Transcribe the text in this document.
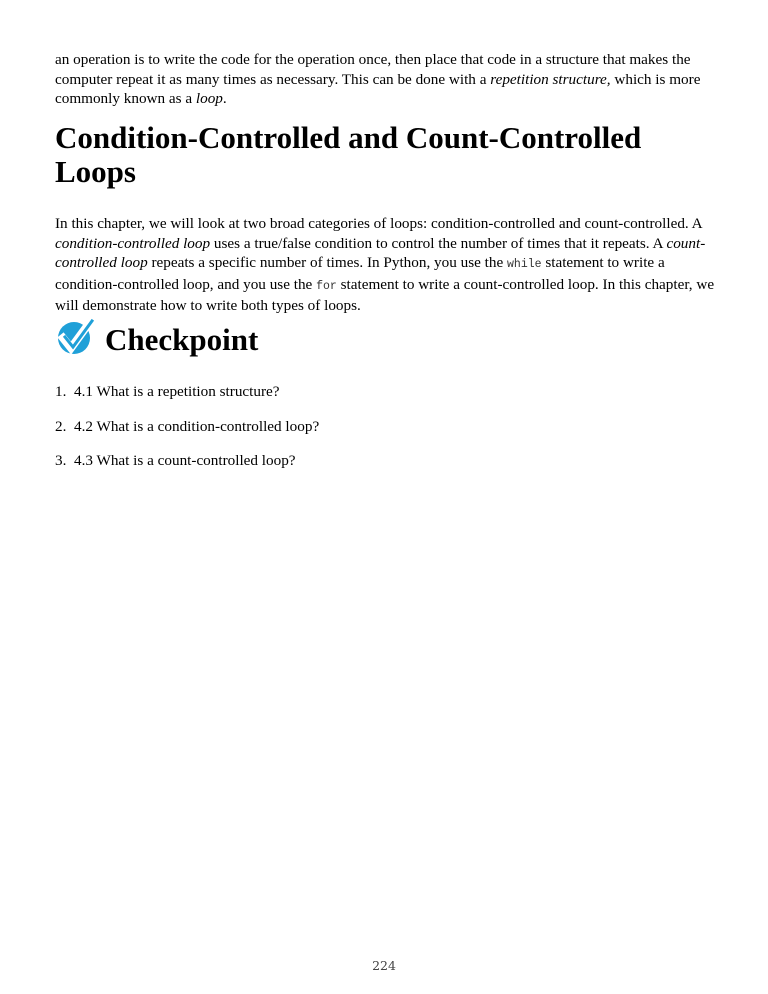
an operation is to write the code for the operation once, then place that code in a structure that makes the computer repeat it as many times as necessary. This can be done with a repetition structure, which is more commonly known as a loop.

Condition-Controlled and Count-Controlled Loops

In this chapter, we will look at two broad categories of loops: condition-controlled and count-controlled. A condition-controlled loop uses a true/false condition to control the number of times that it repeats. A count-controlled loop repeats a specific number of times. In Python, you use the while statement to write a condition-controlled loop, and you use the for statement to write a count-controlled loop. In this chapter, we will demonstrate how to write both types of loops.

Checkpoint
1. 4.1 What is a repetition structure?
2. 4.2 What is a condition-controlled loop?
3. 4.3 What is a count-controlled loop?
224
